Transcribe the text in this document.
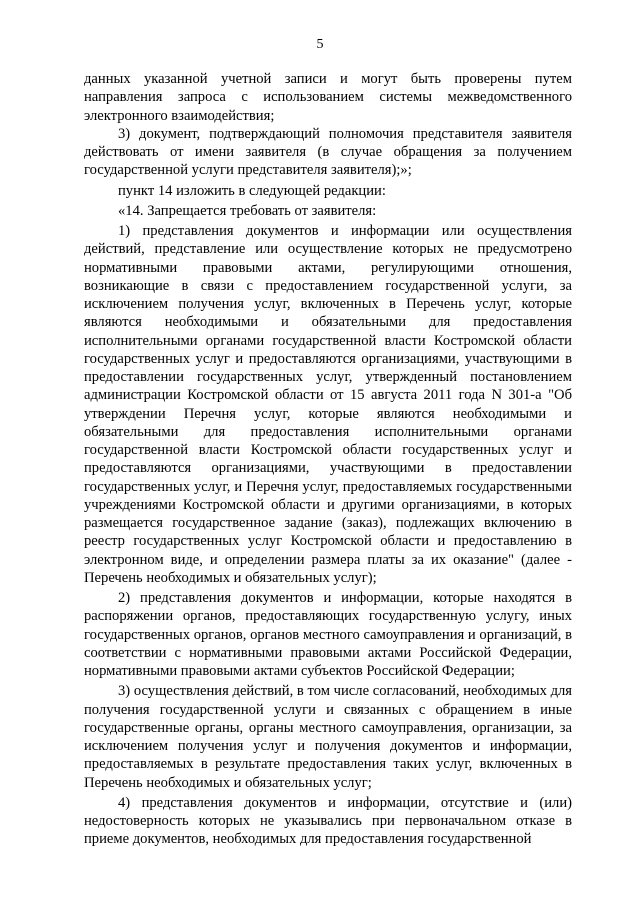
5

данных указанной учетной записи и могут быть проверены путем направления запроса с использованием системы межведомственного электронного взаимодействия;

3) документ, подтверждающий полномочия представителя заявителя действовать от имени заявителя (в случае обращения за получением государственной услуги представителя заявителя);»;

пункт 14 изложить в следующей редакции:

«14. Запрещается требовать от заявителя:

1) представления документов и информации или осуществления действий, представление или осуществление которых не предусмотрено нормативными правовыми актами, регулирующими отношения, возникающие в связи с предоставлением государственной услуги, за исключением получения услуг, включенных в Перечень услуг, которые являются необходимыми и обязательными для предоставления исполнительными органами государственной власти Костромской области государственных услуг и предоставляются организациями, участвующими в предоставлении государственных услуг, утвержденный постановлением администрации Костромской области от 15 августа 2011 года N 301-а "Об утверждении Перечня услуг, которые являются необходимыми и обязательными для предоставления исполнительными органами государственной власти Костромской области государственных услуг и предоставляются организациями, участвующими в предоставлении государственных услуг, и Перечня услуг, предоставляемых государственными учреждениями Костромской области и другими организациями, в которых размещается государственное задание (заказ), подлежащих включению в реестр государственных услуг Костромской области и предоставлению в электронном виде, и определении размера платы за их оказание" (далее - Перечень необходимых и обязательных услуг);

2) представления документов и информации, которые находятся в распоряжении органов, предоставляющих государственную услугу, иных государственных органов, органов местного самоуправления и организаций, в соответствии с нормативными правовыми актами Российской Федерации, нормативными правовыми актами субъектов Российской Федерации;

3) осуществления действий, в том числе согласований, необходимых для получения государственной услуги и связанных с обращением в иные государственные органы, органы местного самоуправления, организации, за исключением получения услуг и получения документов и информации, предоставляемых в результате предоставления таких услуг, включенных в Перечень необходимых и обязательных услуг;

4) представления документов и информации, отсутствие и (или) недостоверность которых не указывались при первоначальном отказе в приеме документов, необходимых для предоставления государственной
